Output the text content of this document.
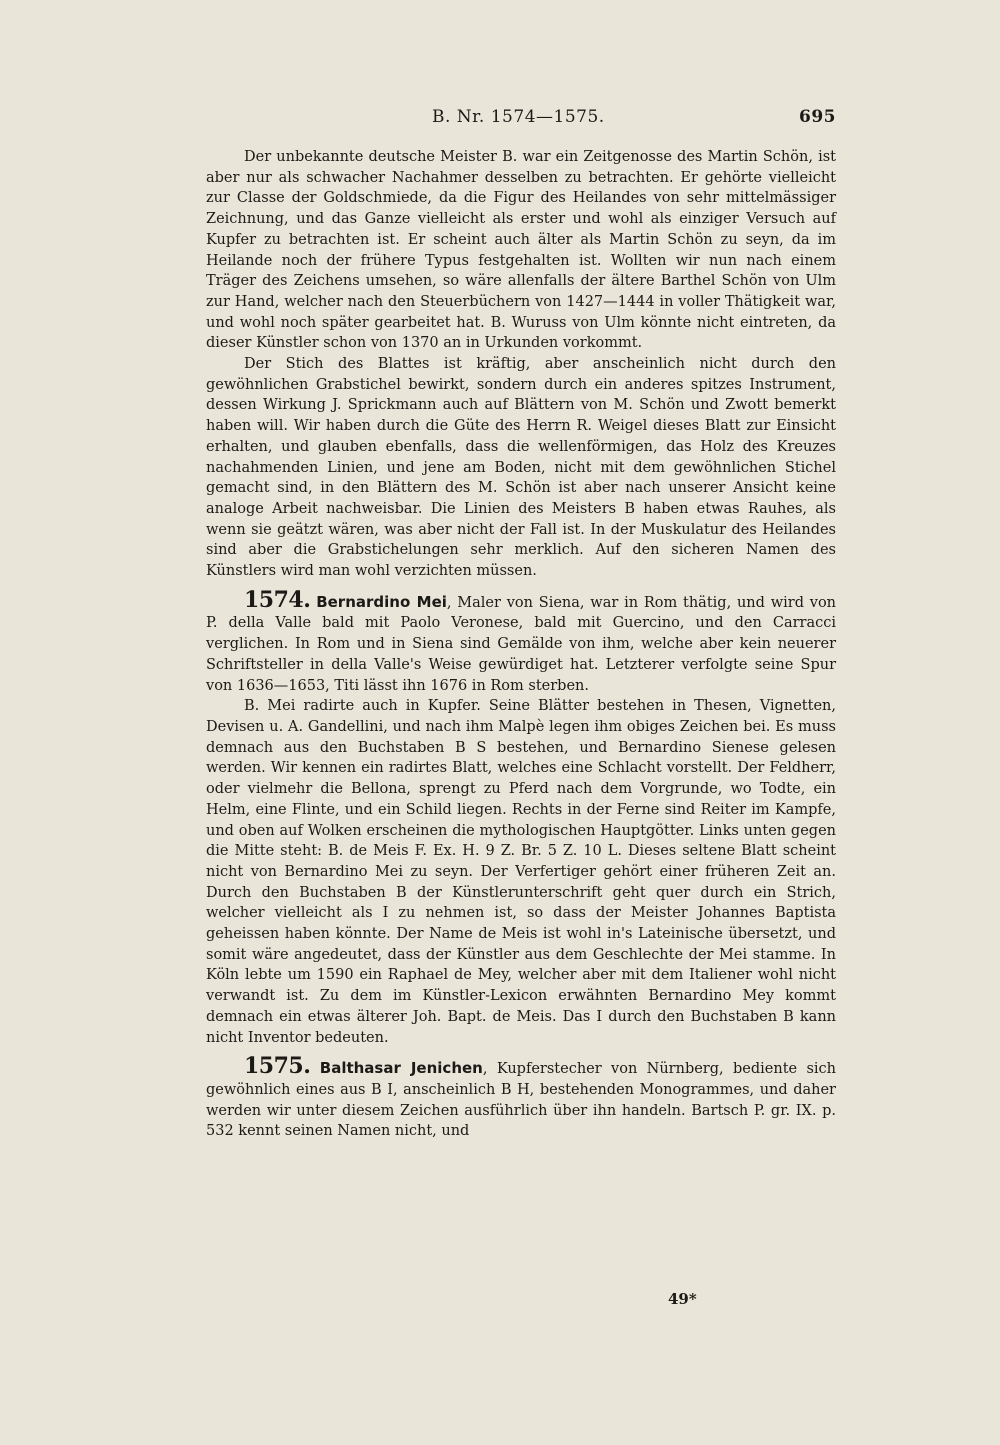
B. Nr. 1574—1575.	695

Der unbekannte deutsche Meister B. war ein Zeitgenosse des Martin Schön, ist aber nur als schwacher Nachahmer desselben zu betrachten. Er gehörte vielleicht zur Classe der Goldschmiede, da die Figur des Heilandes von sehr mittelmässiger Zeichnung, und das Ganze vielleicht als erster und wohl als einziger Versuch auf Kupfer zu betrachten ist. Er scheint auch älter als Martin Schön zu seyn, da im Heilande noch der frühere Typus festgehalten ist. Wollten wir nun nach einem Träger des Zeichens umsehen, so wäre allenfalls der ältere Barthel Schön von Ulm zur Hand, welcher nach den Steuerbüchern von 1427—1444 in voller Thätigkeit war, und wohl noch später gearbeitet hat. B. Wuruss von Ulm könnte nicht eintreten, da dieser Künstler schon von 1370 an in Urkunden vorkommt.

Der Stich des Blattes ist kräftig, aber anscheinlich nicht durch den gewöhnlichen Grabstichel bewirkt, sondern durch ein anderes spitzes Instrument, dessen Wirkung J. Sprickmann auch auf Blättern von M. Schön und Zwott bemerkt haben will. Wir haben durch die Güte des Herrn R. Weigel dieses Blatt zur Einsicht erhalten, und glauben ebenfalls, dass die wellenförmigen, das Holz des Kreuzes nachahmenden Linien, und jene am Boden, nicht mit dem gewöhnlichen Stichel gemacht sind, in den Blättern des M. Schön ist aber nach unserer Ansicht keine analoge Arbeit nachweisbar. Die Linien des Meisters B haben etwas Rauhes, als wenn sie geätzt wären, was aber nicht der Fall ist. In der Muskulatur des Heilandes sind aber die Grabstichelungen sehr merklich. Auf den sicheren Namen des Künstlers wird man wohl verzichten müssen.

1574. Bernardino Mei, Maler von Siena, war in Rom thätig, und wird von P. della Valle bald mit Paolo Veronese, bald mit Guercino, und den Carracci verglichen. In Rom und in Siena sind Gemälde von ihm, welche aber kein neuerer Schriftsteller in della Valle's Weise gewürdiget hat. Letzterer verfolgte seine Spur von 1636—1653, Titi lässt ihn 1676 in Rom sterben.

B. Mei radirte auch in Kupfer. Seine Blätter bestehen in Thesen, Vignetten, Devisen u. A. Gandellini, und nach ihm Malpè legen ihm obiges Zeichen bei. Es muss demnach aus den Buchstaben B S bestehen, und Bernardino Sienese gelesen werden. Wir kennen ein radirtes Blatt, welches eine Schlacht vorstellt. Der Feldherr, oder vielmehr die Bellona, sprengt zu Pferd nach dem Vorgrunde, wo Todte, ein Helm, eine Flinte, und ein Schild liegen. Rechts in der Ferne sind Reiter im Kampfe, und oben auf Wolken erscheinen die mythologischen Hauptgötter. Links unten gegen die Mitte steht: B. de Meis F. Ex. H. 9 Z. Br. 5 Z. 10 L. Dieses seltene Blatt scheint nicht von Bernardino Mei zu seyn. Der Verfertiger gehört einer früheren Zeit an. Durch den Buchstaben B der Künstlerunterschrift geht quer durch ein Strich, welcher vielleicht als I zu nehmen ist, so dass der Meister Johannes Baptista geheissen haben könnte. Der Name de Meis ist wohl in's Lateinische übersetzt, und somit wäre angedeutet, dass der Künstler aus dem Geschlechte der Mei stamme. In Köln lebte um 1590 ein Raphael de Mey, welcher aber mit dem Italiener wohl nicht verwandt ist. Zu dem im Künstler-Lexicon erwähnten Bernardino Mey kommt demnach ein etwas älterer Joh. Bapt. de Meis. Das I durch den Buchstaben B kann nicht Inventor bedeuten.

1575. Balthasar Jenichen, Kupferstecher von Nürnberg, bediente sich gewöhnlich eines aus B I, anscheinlich B H, bestehenden Monogrammes, und daher werden wir unter diesem Zeichen ausführlich über ihn handeln. Bartsch P. gr. IX. p. 532 kennt seinen Namen nicht, und

49*
